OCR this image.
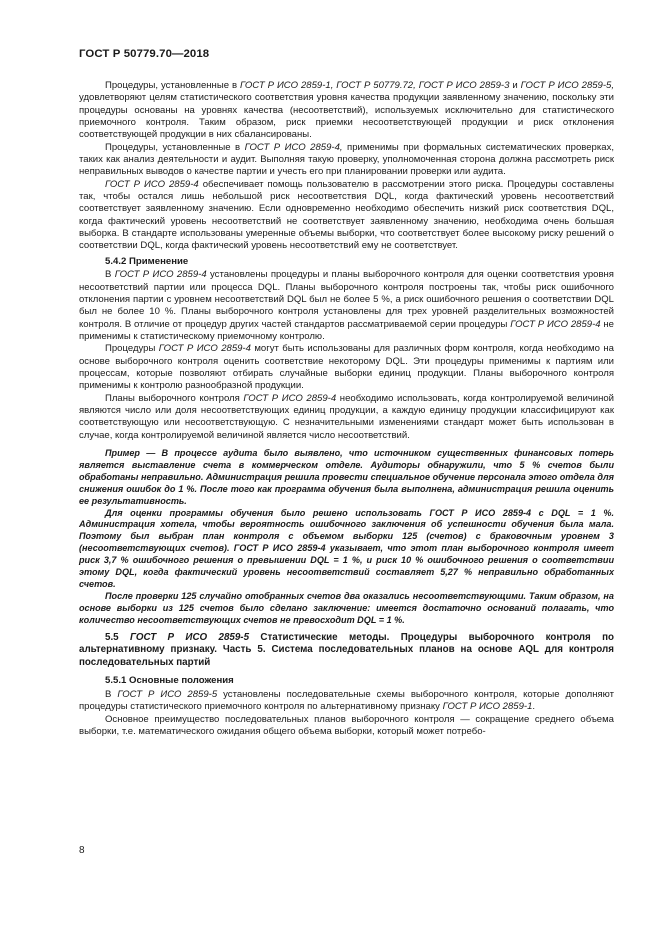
ГОСТ Р 50779.70—2018

Процедуры, установленные в ГОСТ Р ИСО 2859-1, ГОСТ Р 50779.72, ГОСТ Р ИСО 2859-3 и ГОСТ Р ИСО 2859-5, удовлетворяют целям статистического соответствия уровня качества продукции заявленному значению, поскольку эти процедуры основаны на уровнях качества (несоответствий), используемых исключительно для статистического приемочного контроля. Таким образом, риск приемки несоответствующей продукции и риск отклонения соответствующей продукции в них сбалансированы.

Процедуры, установленные в ГОСТ Р ИСО 2859-4, применимы при формальных систематических проверках, таких как анализ деятельности и аудит. Выполняя такую проверку, уполномоченная сторона должна рассмотреть риск неправильных выводов о качестве партии и учесть его при планировании проверки или аудита.

ГОСТ Р ИСО 2859-4 обеспечивает помощь пользователю в рассмотрении этого риска. Процедуры составлены так, чтобы остался лишь небольшой риск несоответствия DQL, когда фактический уровень несоответствий соответствует заявленному значению. Если одновременно необходимо обеспечить низкий риск соответствия DQL, когда фактический уровень несоответствий не соответствует заявленному значению, необходима очень большая выборка. В стандарте использованы умеренные объемы выборки, что соответствует более высокому риску решений о соответствии DQL, когда фактический уровень несоответствий ему не соответствует.

5.4.2 Применение

В ГОСТ Р ИСО 2859-4 установлены процедуры и планы выборочного контроля для оценки соответствия уровня несоответствий партии или процесса DQL. Планы выборочного контроля построены так, чтобы риск ошибочного отклонения партии с уровнем несоответствий DQL был не более 5 %, а риск ошибочного решения о соответствии DQL был не более 10 %. Планы выборочного контроля установлены для трех уровней разделительных возможностей контроля. В отличие от процедур других частей стандартов рассматриваемой серии процедуры ГОСТ Р ИСО 2859-4 не применимы к статистическому приемочному контролю.

Процедуры ГОСТ Р ИСО 2859-4 могут быть использованы для различных форм контроля, когда необходимо на основе выборочного контроля оценить соответствие некоторому DQL. Эти процедуры применимы к партиям или процессам, которые позволяют отбирать случайные выборки единиц продукции. Планы выборочного контроля применимы к контролю разнообразной продукции.

Планы выборочного контроля ГОСТ Р ИСО 2859-4 необходимо использовать, когда контролируемой величиной являются число или доля несоответствующих единиц продукции, а каждую единицу продукции классифицируют как соответствующую или несоответствующую. С незначительными изменениями стандарт может быть использован в случае, когда контролируемой величиной является число несоответствий.

Пример — В процессе аудита было выявлено, что источником существенных финансовых потерь является выставление счета в коммерческом отделе. Аудиторы обнаружили, что 5 % счетов были обработаны неправильно. Администрация решила провести специальное обучение персонала этого отдела для снижения ошибок до 1 %. После того как программа обучения была выполнена, администрация решила оценить ее результативность.

Для оценки программы обучения было решено использовать ГОСТ Р ИСО 2859-4 с DQL = 1 %. Администрация хотела, чтобы вероятность ошибочного заключения об успешности обучения была мала. Поэтому был выбран план контроля с объемом выборки 125 (счетов) с браковочным уровнем 3 (несоответствующих счетов). ГОСТ Р ИСО 2859-4 указывает, что этот план выборочного контроля имеет риск 3,7 % ошибочного решения о превышении DQL = 1 %, и риск 10 % ошибочного решения о соответствии этому DQL, когда фактический уровень несоответствий составляет 5,27 % неправильно обработанных счетов.

После проверки 125 случайно отобранных счетов два оказались несоответствующими. Таким образом, на основе выборки из 125 счетов было сделано заключение: имеется достаточно оснований полагать, что количество несоответствующих счетов не превосходит DQL = 1 %.

5.5 ГОСТ Р ИСО 2859-5 Статистические методы. Процедуры выборочного контроля по альтернативному признаку. Часть 5. Система последовательных планов на основе AQL для контроля последовательных партий
5.5.1 Основные положения

В ГОСТ Р ИСО 2859-5 установлены последовательные схемы выборочного контроля, которые дополняют процедуры статистического приемочного контроля по альтернативному признаку ГОСТ Р ИСО 2859-1.

Основное преимущество последовательных планов выборочного контроля — сокращение среднего объема выборки, т.е. математического ожидания общего объема выборки, который может потребо-

8
